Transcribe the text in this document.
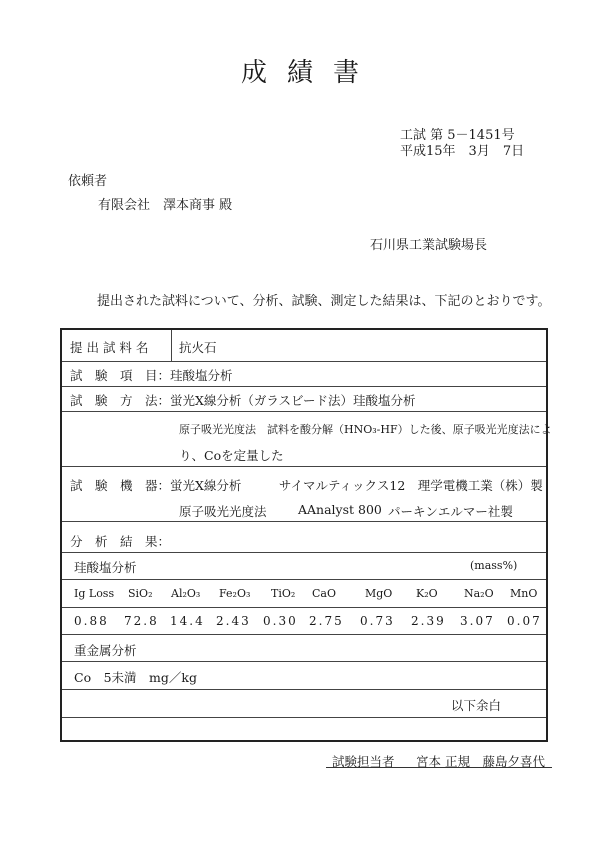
成績書
工試 第 5－1451号
平成15年　3月　7日
依頼者
有限会社　澤本商事 殿
石川県工業試験場長
提出された試料について、分析、試験、測定した結果は、下記のとおりです。
提 出 試 料 名 抗火石
試　験　項　目：珪酸塩分析
試　験　方　法：蛍光X線分析（ガラスビード法）珪酸塩分析
原子吸光光度法　試料を酸分解（HNO₃-HF）した後、原子吸光光度法によ
り、Coを定量した
試　験　機　器：蛍光X線分析　　　サイマルティックス12　理学電機工業（株）製
原子吸光光度法	AAnalyst 800 パーキンエルマー社製
分　析　結　果：
珪酸塩分析	(mass%)
Ig Loss SiO₂ Al₂O₃ Fe₂O₃ TiO₂ CaO	MgO K₂O Na₂O MnO
0.88 72.8 14.4 2.43 0.30 2.75 0.73 2.39 3.07 0.07
重金属分析
Co　5未満　mg／kg
以下余白
試験担当者 宮本 正規　藤島夕喜代
